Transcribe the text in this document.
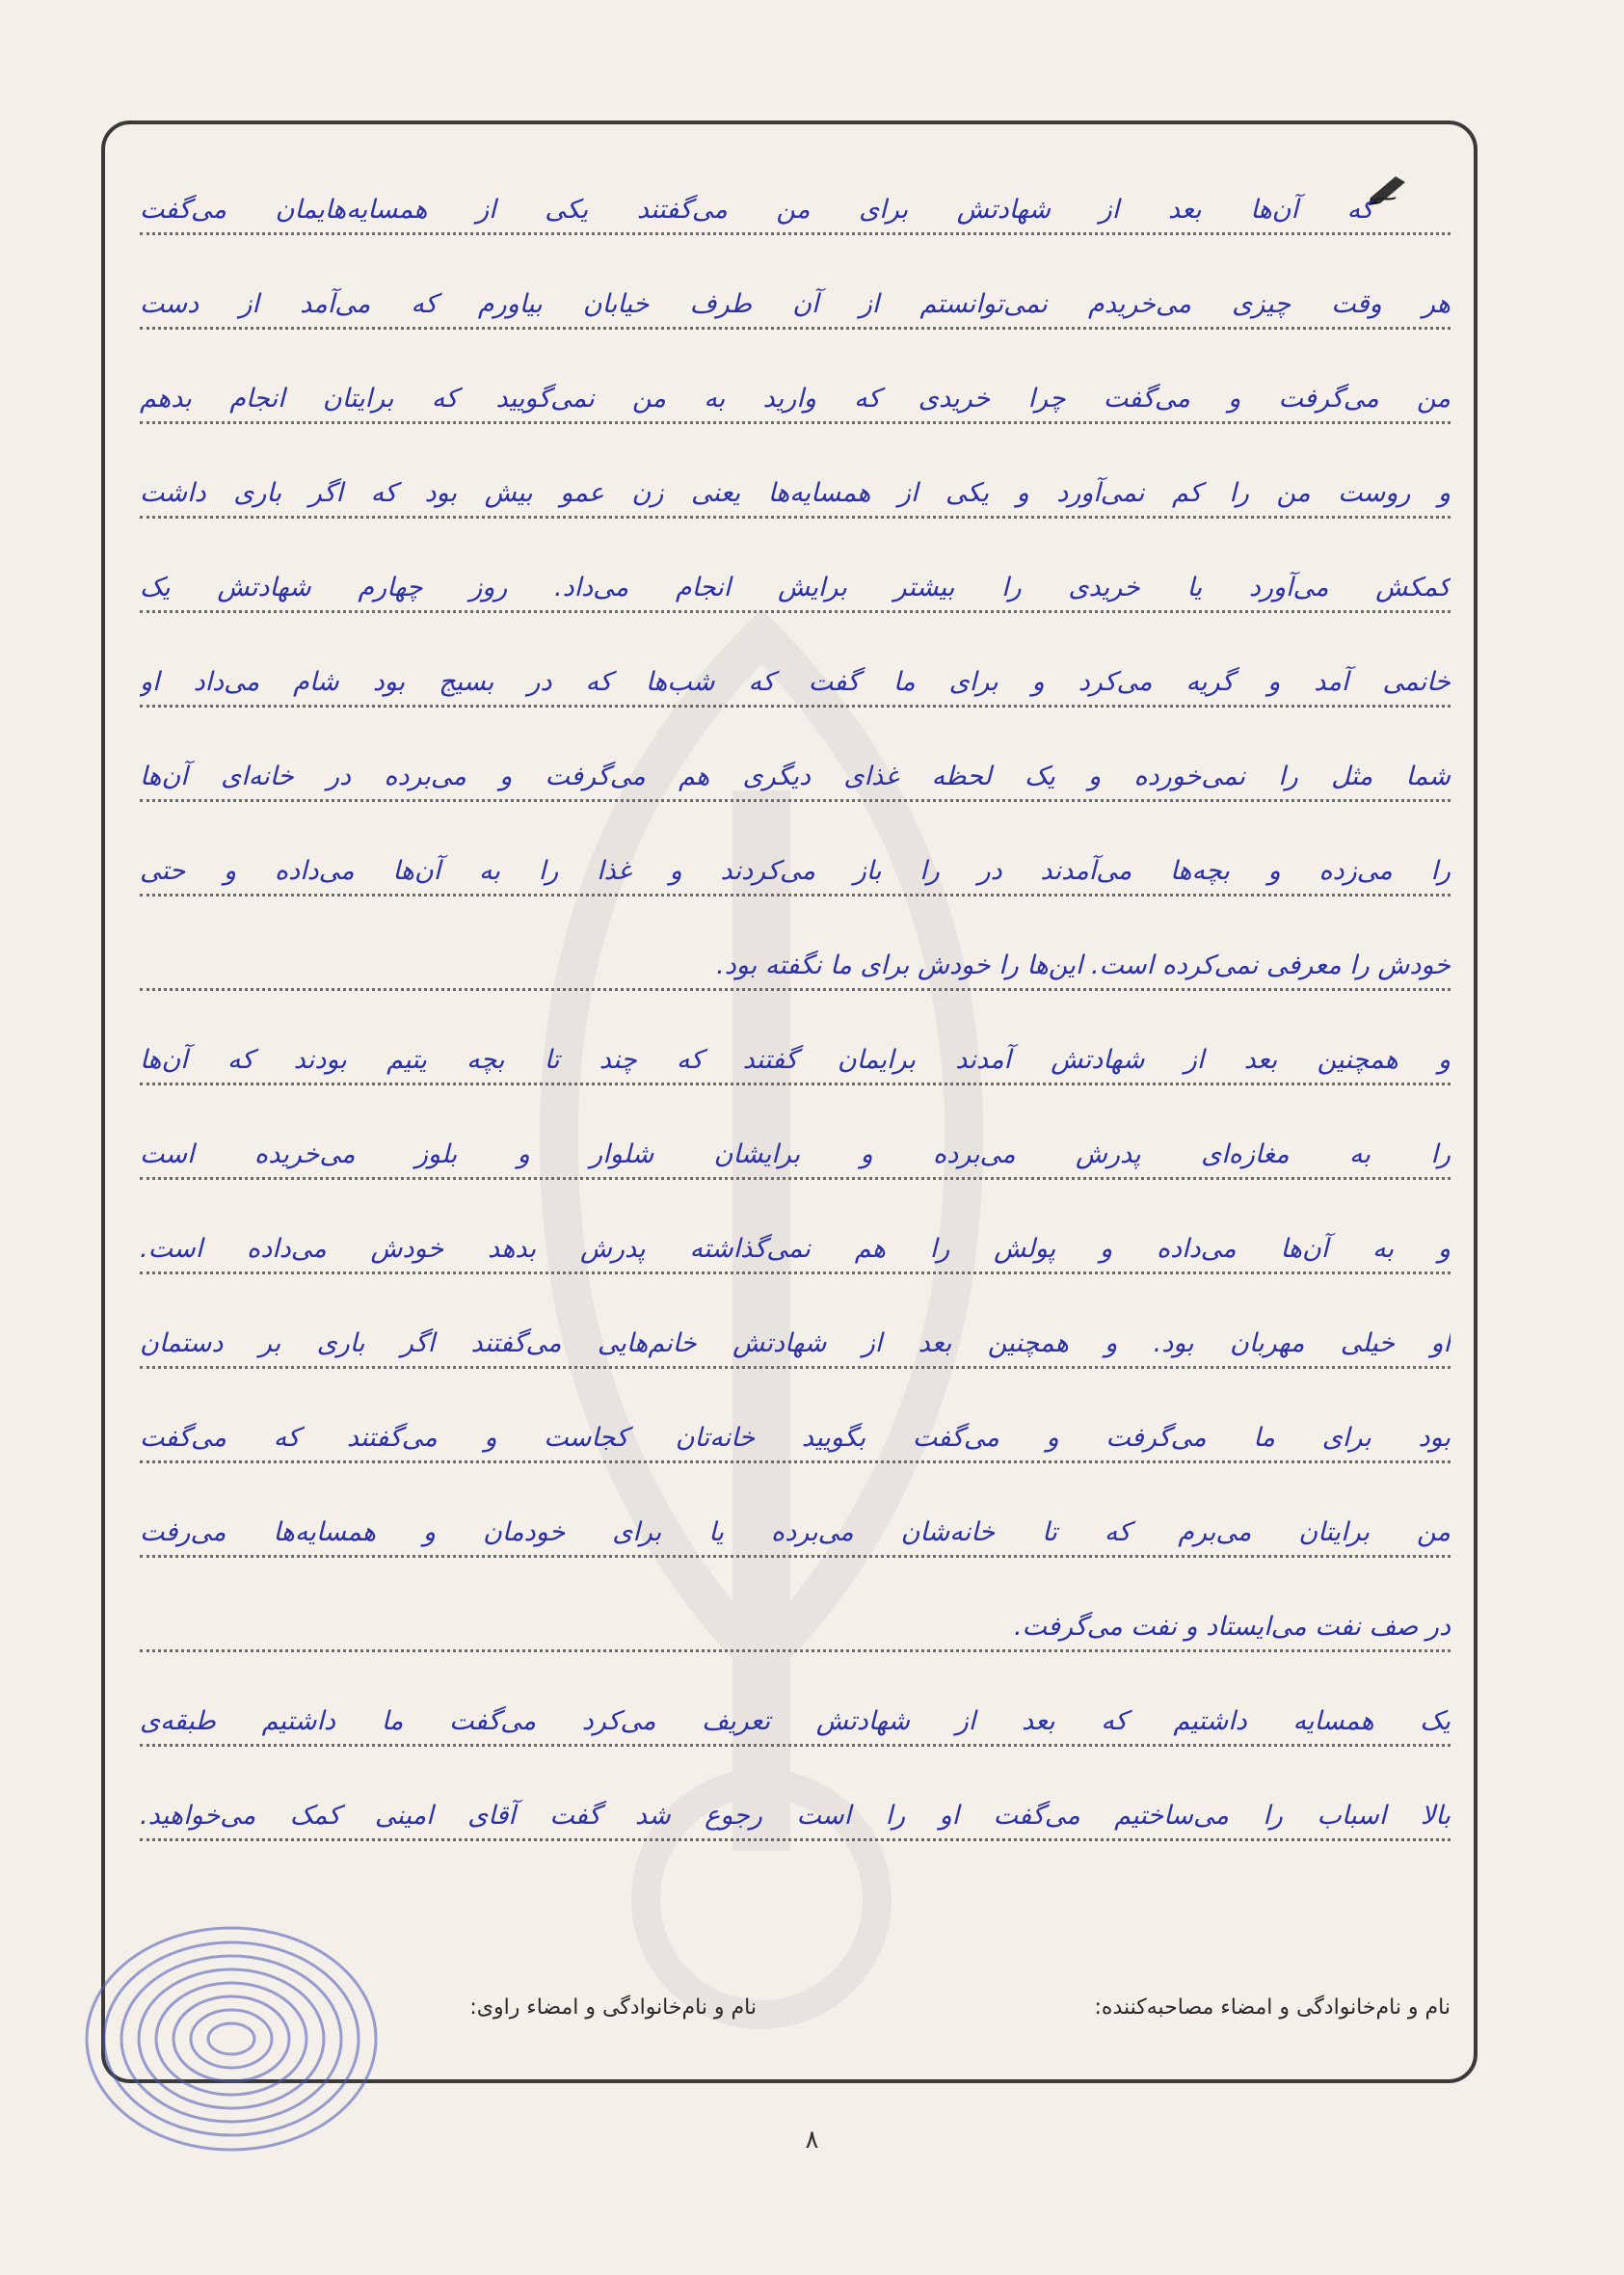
که آن‌ها بعد از شهادتش برای من می‌گفتند یکی از همسایه‌هایمان می‌گفت
هر وقت چیزی می‌خریدم نمی‌توانستم از آن طرف خیابان بیاورم که می‌آمد از دست
من می‌گرفت و می‌گفت چرا خریدی که وارید به من نمی‌گویید که برایتان انجام بدهم
و روست من را کم نمی‌آورد و یکی از همسایه‌ها یعنی زن عمو بیش بود که اگر باری داشت
کمکش می‌آورد یا خریدی را بیشتر برایش انجام می‌داد. روز چهارم شهادتش یک
خانمی آمد و گریه می‌کرد و برای ما گفت که شب‌ها که در بسیج بود شام می‌داد او
شما مثل را نمی‌خورده و یک لحظه غذای دیگری هم می‌گرفت و می‌برده در خانه‌ای آن‌ها
را می‌زده و بچه‌ها می‌آمدند در را باز می‌کردند و غذا را به آن‌ها می‌داده و حتی
خودش را معرفی نمی‌کرده است. این‌ها را خودش برای ما نگفته بود.
و همچنین بعد از شهادتش آمدند برایمان گفتند که چند تا بچه یتیم بودند که آن‌ها
را به مغازه‌ای پدرش می‌برده و برایشان شلوار و بلوز می‌خریده است
و به آن‌ها می‌داده و پولش را هم نمی‌گذاشته پدرش بدهد خودش می‌داده است.
او خیلی مهربان بود. و همچنین بعد از شهادتش خانم‌هایی می‌گفتند اگر باری بر دستمان
بود برای ما می‌گرفت و می‌گفت بگویید خانه‌تان کجاست و می‌گفتند که می‌گفت
من برایتان می‌برم که تا خانه‌شان می‌برده یا برای خودمان و همسایه‌ها می‌رفت
در صف نفت می‌ایستاد و نفت می‌گرفت.
یک همسایه داشتیم که بعد از شهادتش تعریف می‌کرد می‌گفت ما داشتیم طبقه‌ی
بالا اسباب را می‌ساختیم می‌گفت او را است رجوع شد گفت آقای امینی کمک می‌خواهید.
نام و نام‌خانوادگی و امضاء مصاحبه‌کننده:
نام و نام‌خانوادگی و امضاء راوی:
۸
